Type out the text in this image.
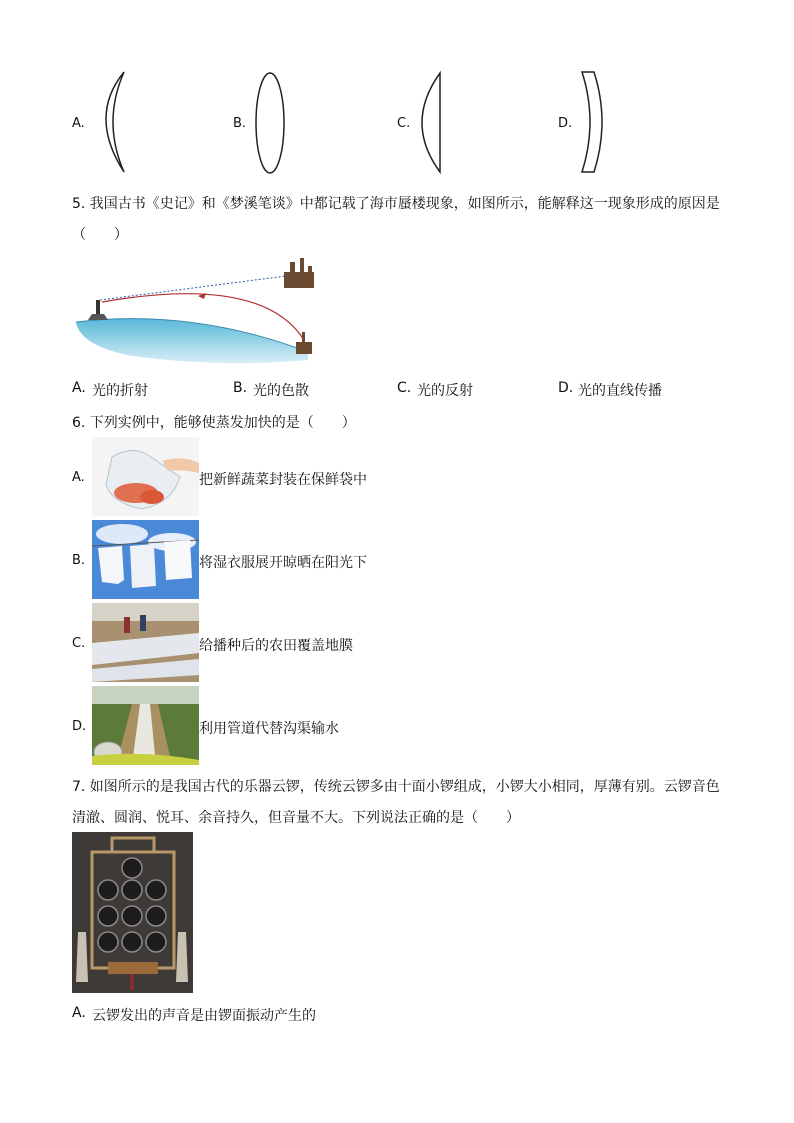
A.	B.	C.	D.
5. 我国古书《史记》和《梦溪笔谈》中都记载了海市蜃楼现象，如图所示，能解释这一现象形成的原因是
（　　）
A. 光的折射	B. 光的色散	C. 光的反射	D. 光的直线传播
6. 下列实例中，能够使蒸发加快的是（　　）
A.	把新鲜蔬菜封装在保鲜袋中
B.	将湿衣服展开晾晒在阳光下
C.	给播种后的农田覆盖地膜
D.	利用管道代替沟渠输水
7. 如图所示的是我国古代的乐器云锣，传统云锣多由十面小锣组成，小锣大小相同，厚薄有别。云锣音色
清澈、圆润、悦耳、余音持久，但音量不大。下列说法正确的是（　　）
A. 云锣发出的声音是由锣面振动产生的
